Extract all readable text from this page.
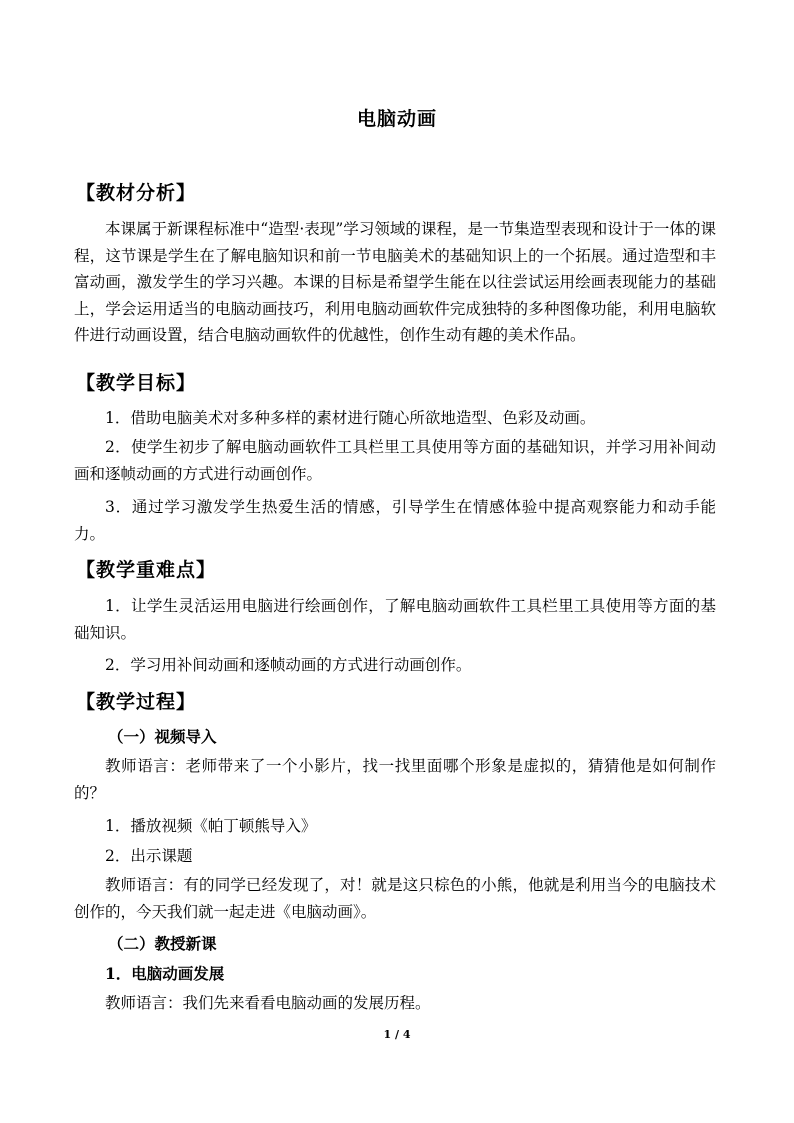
电脑动画
【教材分析】
本课属于新课程标准中“造型·表现”学习领域的课程，是一节集造型表现和设计于一体的课程，这节课是学生在了解电脑知识和前一节电脑美术的基础知识上的一个拓展。通过造型和丰富动画，激发学生的学习兴趣。本课的目标是希望学生能在以往尝试运用绘画表现能力的基础上，学会运用适当的电脑动画技巧，利用电脑动画软件完成独特的多种图像功能，利用电脑软件进行动画设置，结合电脑动画软件的优越性，创作生动有趣的美术作品。
【教学目标】
1．借助电脑美术对多种多样的素材进行随心所欲地造型、色彩及动画。
2．使学生初步了解电脑动画软件工具栏里工具使用等方面的基础知识，并学习用补间动画和逐帧动画的方式进行动画创作。
3．通过学习激发学生热爱生活的情感，引导学生在情感体验中提高观察能力和动手能力。
【教学重难点】
1．让学生灵活运用电脑进行绘画创作，了解电脑动画软件工具栏里工具使用等方面的基础知识。
2．学习用补间动画和逐帧动画的方式进行动画创作。
【教学过程】
（一）视频导入
教师语言：老师带来了一个小影片，找一找里面哪个形象是虚拟的，猜猜他是如何制作的？
1．播放视频《帕丁顿熊导入》
2．出示课题
教师语言：有的同学已经发现了，对！就是这只棕色的小熊，他就是利用当今的电脑技术创作的，今天我们就一起走进《电脑动画》。
（二）教授新课
1．电脑动画发展
教师语言：我们先来看看电脑动画的发展历程。
1 / 4
